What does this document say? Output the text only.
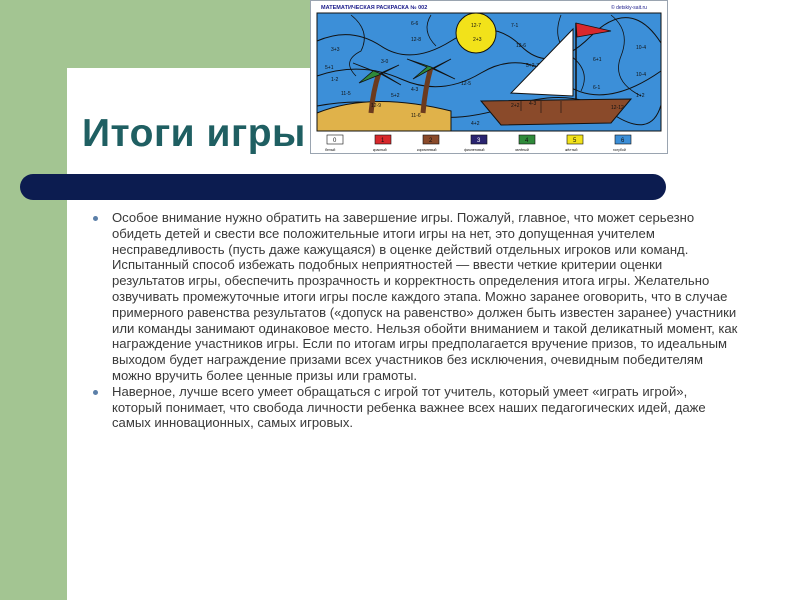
Итоги игры
МАТЕМАТИЧЕСКАЯ РАСКРАСКА № 002	© detskiy-sait.ru
6-6	12-7	7-1
2+3
12-8
12-6	10-4
3+3
6+1
5+1
3-0
5+2-7
10-4
1-2
12-5
6-1
11-5	5+2
4-3
2+2
1+2
12-12
4-3
12-9
11-6
4+2
0
белый
1
красный
2
коричневый
3
фиолетовый
4
зелёный
5
жёлтый
6
голубой
Особое внимание нужно обратить на завершение игры. Пожалуй, главное, что может серьезно обидеть детей и свести все положительные итоги игры на нет, это допущенная учителем несправедливость (пусть даже кажущаяся) в оценке действий отдельных игроков или команд. Испытанный способ избежать подобных неприятностей — ввести четкие критерии оценки результатов игры, обеспечить прозрачность и корректность определения итога игры. Желательно озвучивать промежуточные итоги игры после каждого этапа. Можно заранее оговорить, что в случае примерного равенства результатов («допуск на равенство» должен быть известен заранее) участники или команды занимают одинаковое место. Нельзя обойти вниманием и такой деликатный момент, как награждение участников игры. Если по итогам игры предполагается вручение призов, то идеальным выходом будет награждение призами всех участников без исключения, очевидным победителям можно вручить более ценные призы или грамоты.
Наверное, лучше всего умеет обращаться с игрой тот учитель, который умеет «играть игрой», который понимает, что свобода личности ребенка важнее всех наших педагогических идей, даже самых инновационных, самых игровых.
